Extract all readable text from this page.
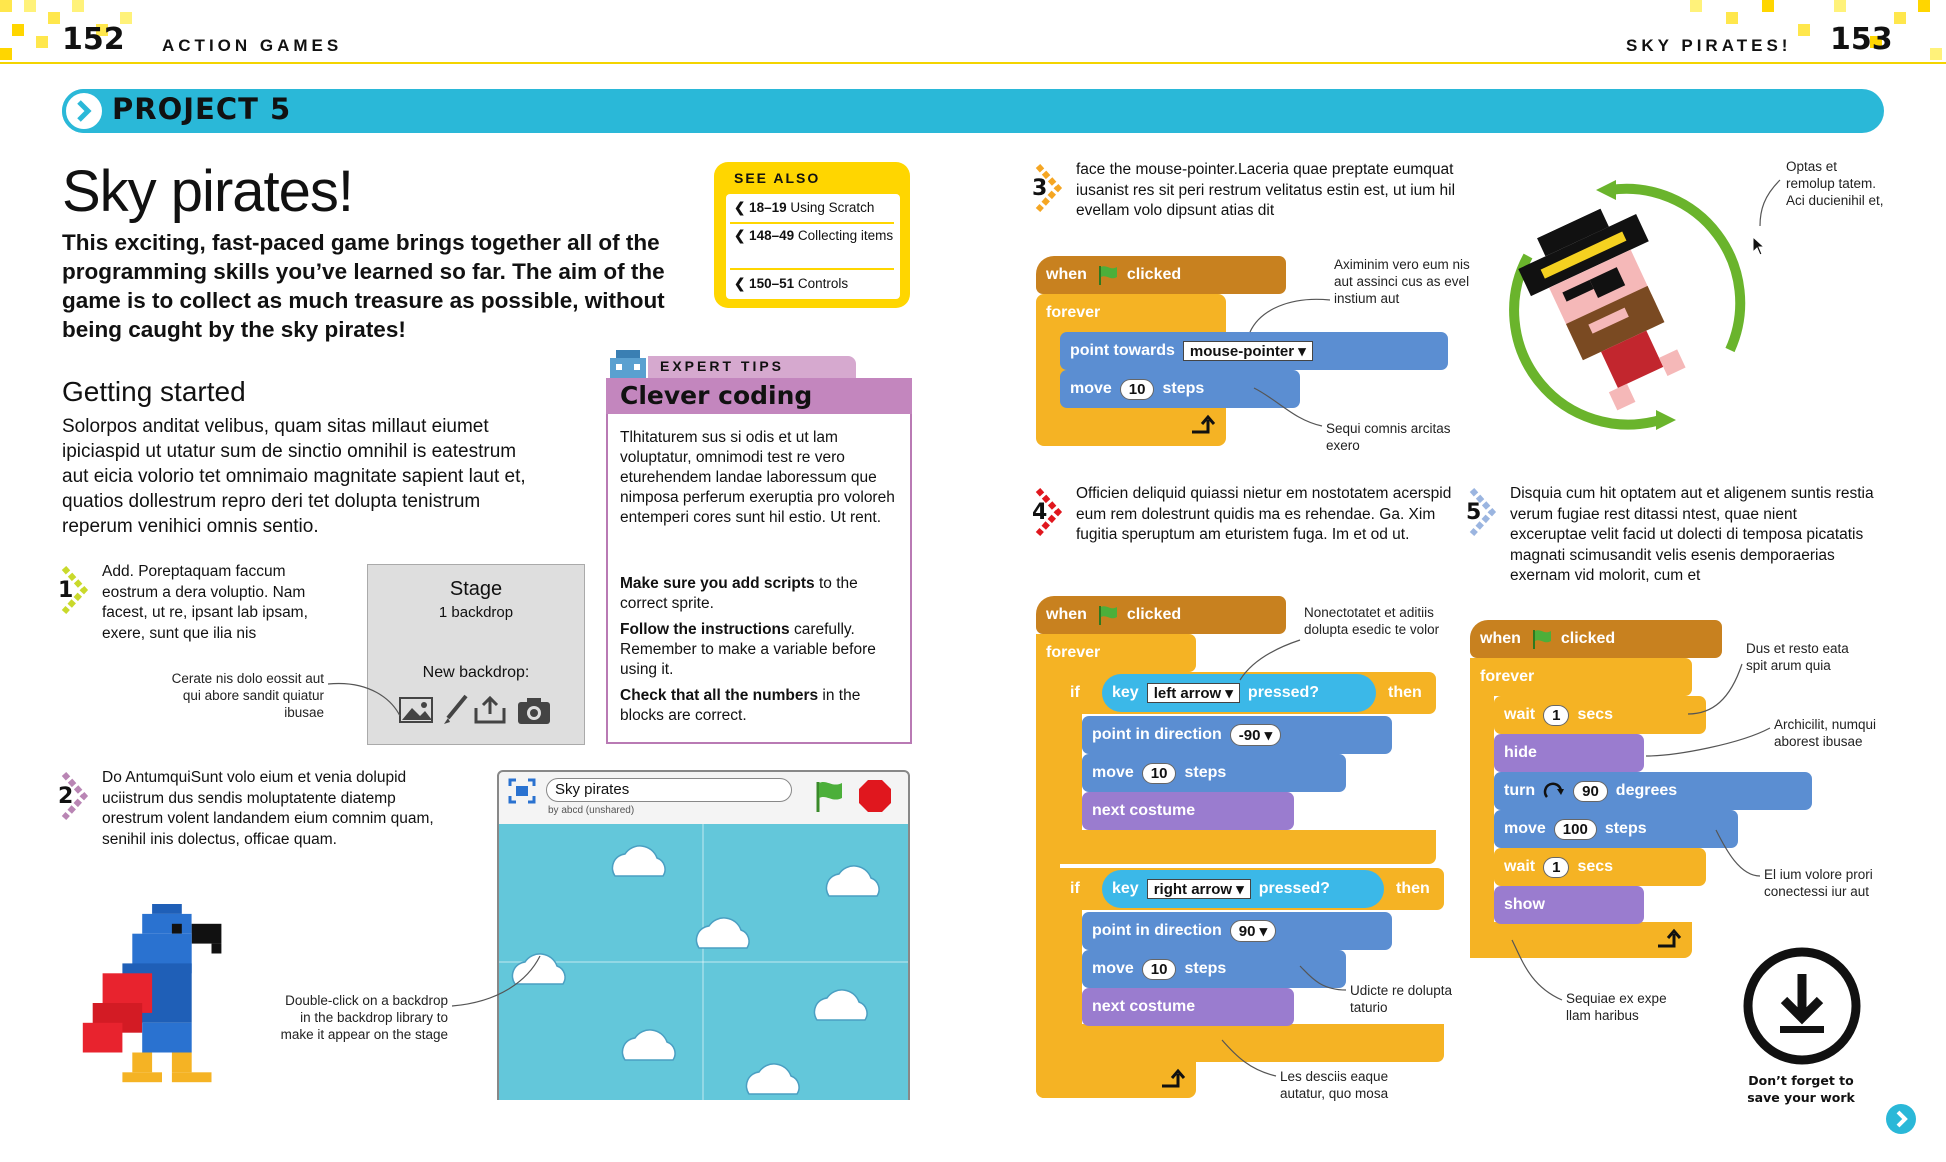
152 ACTION GAMES	SKY PIRATES! 153
PROJECT 5
Sky pirates!
This exciting, fast-paced game brings together all of the programming skills you’ve learned so far. The aim of the game is to collect as much treasure as possible, without being caught by the sky pirates!
SEE ALSO
❮ 18–19 Using Scratch
❮ 148–49 Collecting items
❮ 150–51 Controls
Getting started
Solorpos anditat velibus, quam sitas millaut eiumet ipiciaspid ut utatur sum de sinctio omnihil is eatestrum aut eicia volorio tet omnimaio magnitate sapient laut et, quatios dollestrum repro deri tet dolupta tenistrum reperum venihici omnis sentio.
EXPERT TIPS
Clever coding
Tlhitaturem sus si odis et ut lam voluptatur, omnimodi test re vero eturehendem landae laboressum que nimposa perferum exeruptia pro voloreh entemperi cores sunt hil estio. Ut rent.
Make sure you add scripts to the correct sprite.
Follow the instructions carefully. Remember to make a variable before using it.
Check that all the numbers in the blocks are correct.
1
Add. Poreptaquam faccum eostrum a dera voluptio. Nam facest, ut re, ipsant lab ipsam, exere, sunt que ilia nis
Cerate nis dolo eossit aut qui abore sandit quiatur ibusae
Stage
1 backdrop
New backdrop:
2
Do AntumquiSunt volo eium et venia dolupid uciistrum dus sendis moluptatente diatemp orestrum volent landandem eium comnim quam, senihil inis dolectus, officae quam.
Sky pirates
by abcd (unshared)
Double-click on a backdrop in the backdrop library to make it appear on the stage
3
face the mouse-pointer.Laceria quae preptate eumquat iusanist res sit peri restrum velitatus estin est, ut ium hil evellam volo dipsunt atias dit
when	clicked
forever
point towards	mouse-pointer ▾
move	10	steps
Aximinim vero eum nis aut assinci cus as evel instium aut
Sequi comnis arcitas exero
Optas et remolup tatem. Aci ducienihil et,
4
Officien deliquid quiassi nietur em nostotatem acerspid eum rem dolestrunt quidis ma es rehendae. Ga. Xim fugitia speruptum am eturistem fuga. Im et od ut.
when	clicked
forever
if	key	left arrow ▾ pressed?	then
point in direction	-90 ▾
move	10	steps
next costume
if	key	right arrow ▾ pressed?	then
point in direction	90 ▾
move	10	steps
next costume
Nonectotatet et aditiis dolupta esedic te volor
Udicte re dolupta taturio
Les desciis eaque autatur, quo mosa
5
Disquia cum hit optatem aut et aligenem suntis restia verum fugiae rest ditassi ntest, quae nient exceruptae velit facid ut dolecti di temposa picatatis magnati scimusandit velis esenis demporaerias exernam vid molorit, cum et
when	clicked
forever
wait	1	secs
hide
turn	90	degrees
move	100	steps
wait	1	secs
show
Dus et resto eata spit arum quia
Archicilit, numqui aborest ibusae
El ium volore prori conectessi iur aut
Sequiae ex expe llam haribus
Don’t forget to save your work
